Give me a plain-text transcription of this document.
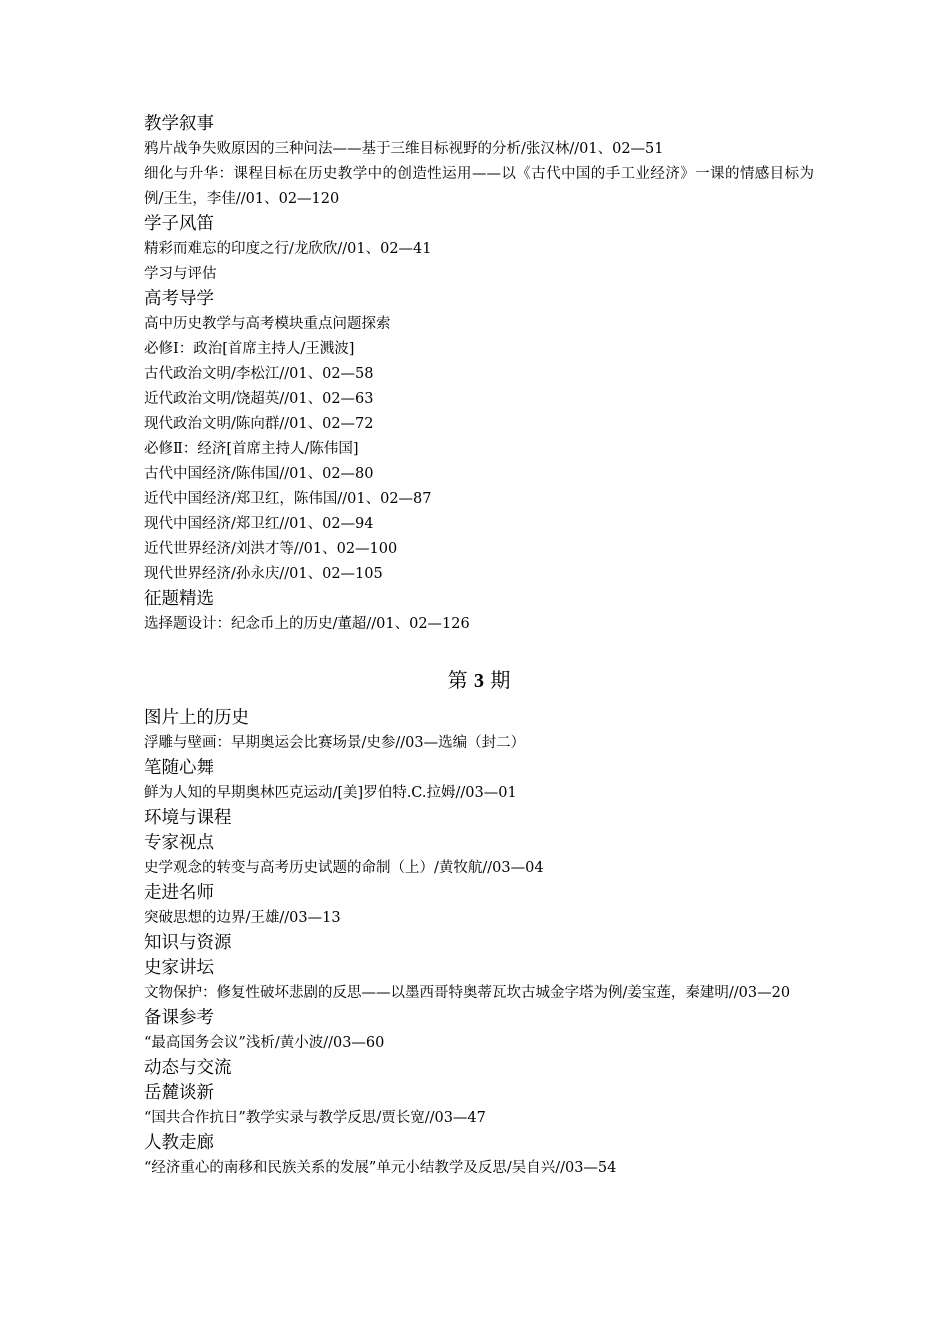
教学叙事
鸦片战争失败原因的三种问法——基于三维目标视野的分析/张汉林//01、02—51
细化与升华：课程目标在历史教学中的创造性运用——以《古代中国的手工业经济》一课的情感目标为例/王生，李佳//01、02—120
学子风笛
精彩而难忘的印度之行/龙欣欣//01、02—41
学习与评估
高考导学
高中历史教学与高考模块重点问题探索
必修Ⅰ：政治[首席主持人/王溅波]
古代政治文明/李松江//01、02—58
近代政治文明/饶超英//01、02—63
现代政治文明/陈向群//01、02—72
必修Ⅱ：经济[首席主持人/陈伟国]
古代中国经济/陈伟国//01、02—80
近代中国经济/郑卫红，陈伟国//01、02—87
现代中国经济/郑卫红//01、02—94
近代世界经济/刘洪才等//01、02—100
现代世界经济/孙永庆//01、02—105
征题精选
选择题设计：纪念币上的历史/董超//01、02—126
第 3 期
图片上的历史
浮雕与壁画：早期奥运会比赛场景/史参//03—选编（封二）
笔随心舞
鲜为人知的早期奥林匹克运动/[美]罗伯特.C.拉姆//03—01
环境与课程
专家视点
史学观念的转变与高考历史试题的命制（上）/黄牧航//03—04
走进名师
突破思想的边界/王雄//03—13
知识与资源
史家讲坛
文物保护：修复性破坏悲剧的反思——以墨西哥特奥蒂瓦坎古城金字塔为例/姜宝莲，秦建明//03—20
备课参考
“最高国务会议”浅析/黄小波//03—60
动态与交流
岳麓谈新
“国共合作抗日”教学实录与教学反思/贾长宽//03—47
人教走廊
“经济重心的南移和民族关系的发展”单元小结教学及反思/吴自兴//03—54
